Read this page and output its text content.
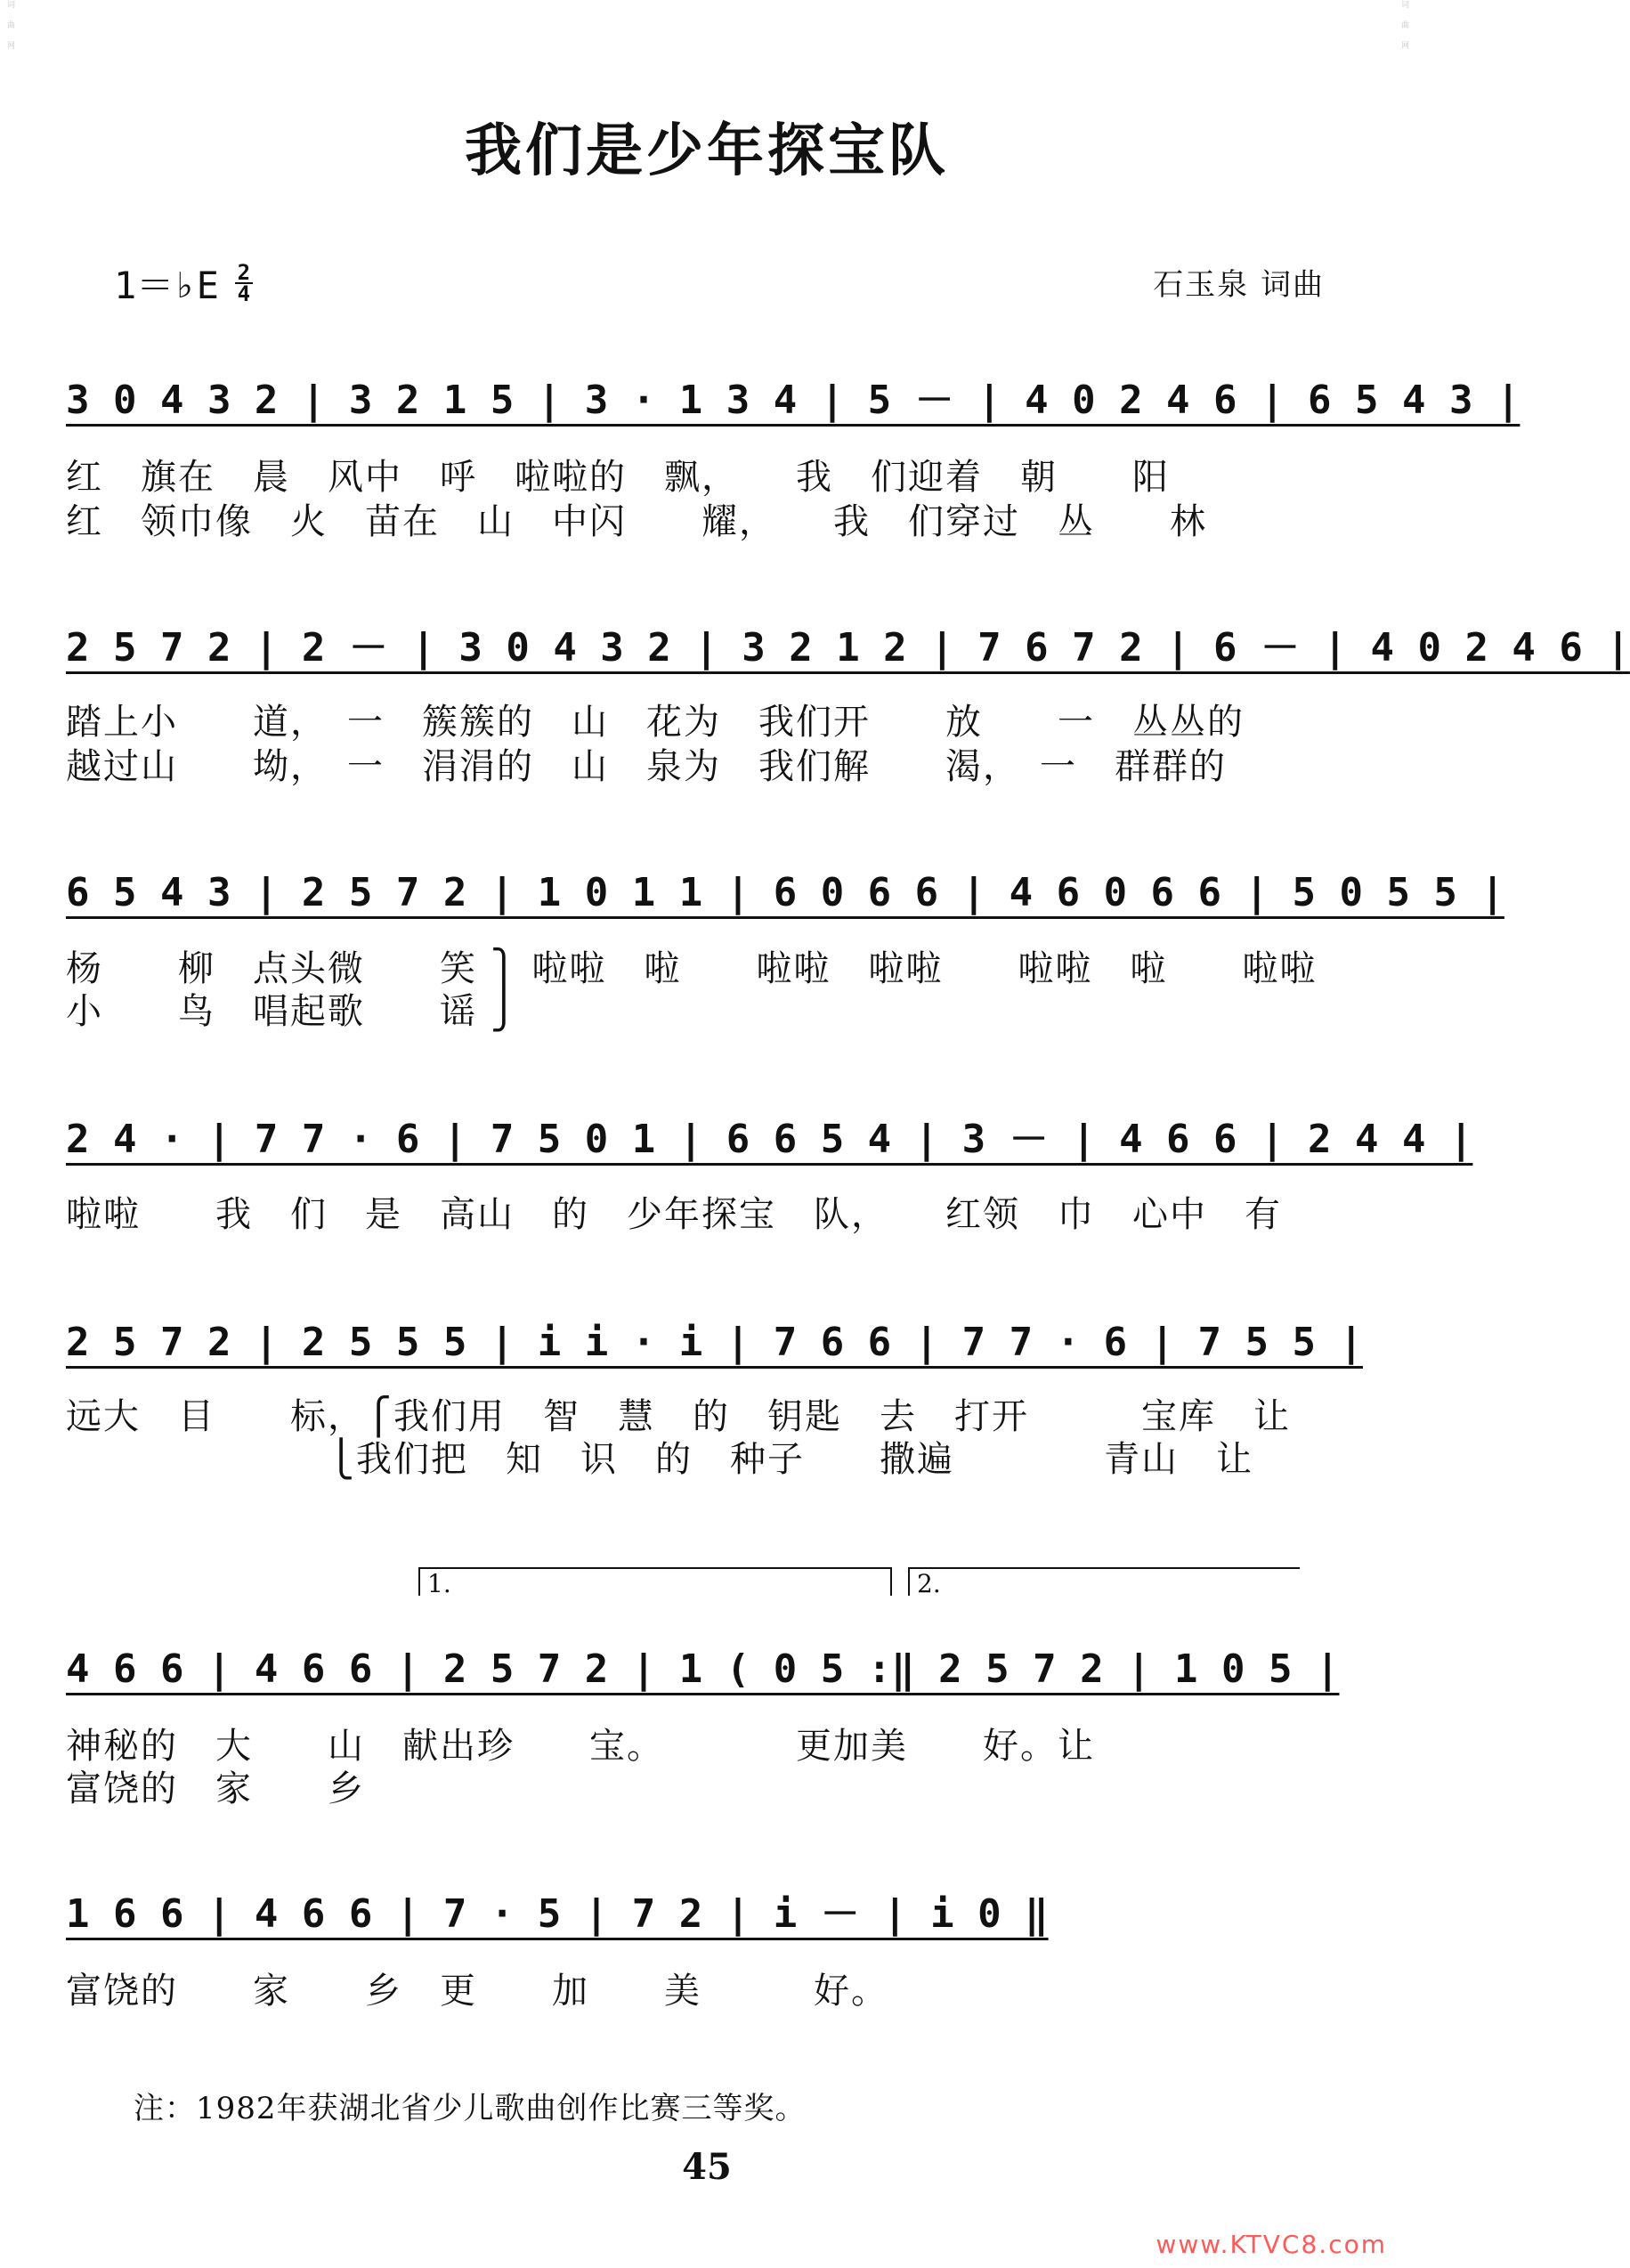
词曲网	词曲网
我们是少年探宝队
1＝♭E 2
4	石玉泉 词曲
3 0 4 3 2 | 3 2 1 5 | 3 · 1 3 4 | 5 － | 4 0 2 4 6 | 6 5 4 3 |
红　旗在　晨　风中　呼　啦啦的　飘，　　我　们迎着　朝　　阳
红　领巾像　火　苗在　山　中闪　　耀，　　我　们穿过　丛　　林
2 5 7 2 | 2 － | 3 0 4 3 2 | 3 2 1 2 | 7 6 7 2 | 6 － | 4 0 2 4 6 |
踏上小　　道，　一　簇簇的　山　花为　我们开　　放　　一　丛丛的
越过山　　坳，　一　涓涓的　山　泉为　我们解　　渴，　一　群群的
6 5 4 3 | 2 5 7 2 | 1 0 1 1 | 6 0 6 6 | 4 6 0 6 6 | 5 0 5 5 |
杨　　柳　点头微　　笑 ⎫ 啦啦　啦　　啦啦　啦啦　　啦啦　啦　　啦啦
小　　鸟　唱起歌　　谣 ⎭
2 4 · | 7 7 · 6 | 7 5 0 1 | 6 6 5 4 | 3 － | 4 6 6 | 2 4 4 |
啦啦　　我　们　是　高山　的　少年探宝　队，　　红领　巾　心中　有
2 5 7 2 | 2 5 5 5 | i i · i | 7 6 6 | 7 7 · 6 | 7 5 5 |
远大　目　　标，⎧我们用　智　慧　的　钥匙　去　打开　　　宝库　让
　　　　　　　⎩我们把　知　识　的　种子　　撒遍　　　　青山　让
1.	2.
4 6 6 | 4 6 6 | 2 5 7 2 | 1 ( 0 5 :‖ 2 5 7 2 | 1 0 5 |
神秘的　大　　山　献出珍　　宝。　　　　更加美　　好。让
富饶的　家　　乡
1 6 6 | 4 6 6 | 7 · 5 | 7 2 | i － | i 0 ‖
富饶的　　家　　乡　更　　加　　美　　　好。
注：1982年获湖北省少儿歌曲创作比赛三等奖。
45
www.KTVC8.com
